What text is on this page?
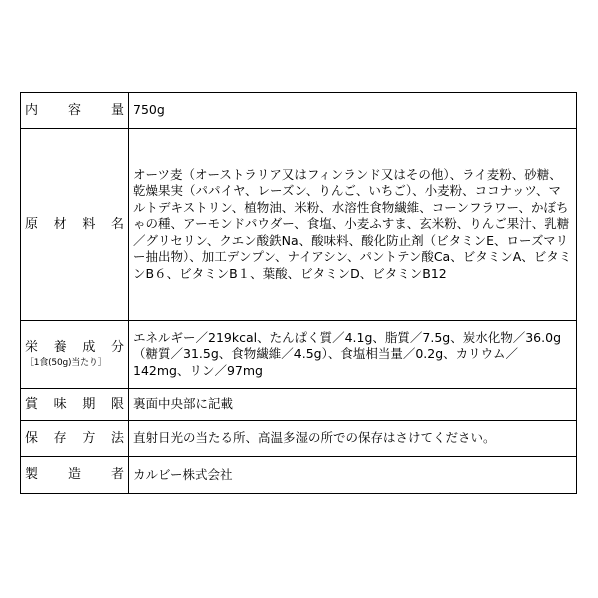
内 容 量 750g
原 材 料 名
オーツ麦（オーストラリア又はフィンランド又はその他）、ライ麦粉、砂糖、乾燥果実（パパイヤ、レーズン、りんご、いちご）、小麦粉、ココナッツ、マルトデキストリン、植物油、米粉、水溶性食物繊維、コーンフラワー、かぼちゃの種、アーモンドパウダー、食塩、小麦ふすま、玄米粉、りんご果汁、乳糖／グリセリン、クエン酸鉄Na、酸味料、酸化防止剤（ビタミンE、ローズマリー抽出物）、加工デンプン、ナイアシン、パントテン酸Ca、ビタミンA、ビタミンB６、ビタミンB１、葉酸、ビタミンD、ビタミンB12
栄 養 成 分
［1食(50g)当たり］
エネルギー／219kcal、たんぱく質／4.1g、脂質／7.5g、炭水化物／36.0g（糖質／31.5g、食物繊維／4.5g）、食塩相当量／0.2g、カリウム／142mg、リン／97mg
賞 味 期 限 裏面中央部に記載
保 存 方 法 直射日光の当たる所、高温多湿の所での保存はさけてください。
製 造 者 カルビー株式会社
